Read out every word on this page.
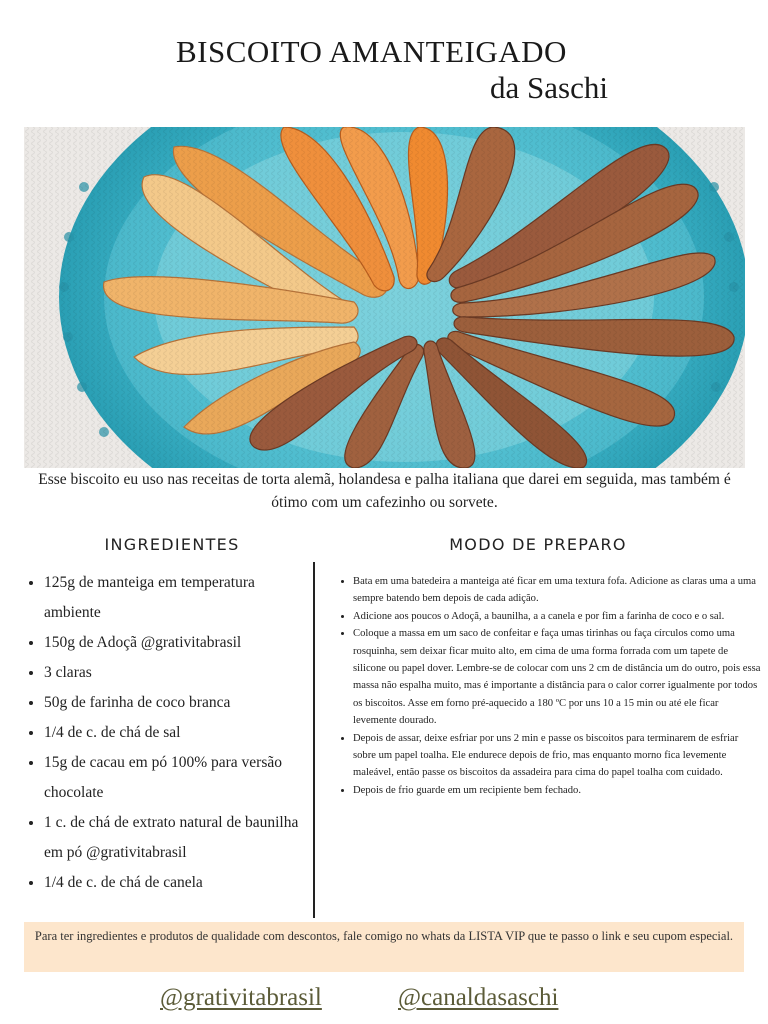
BISCOITO AMANTEIGADO
da Saschi
Esse biscoito eu uso nas receitas de torta alemã, holandesa e palha italiana que darei em seguida, mas também é ótimo com um cafezinho ou sorvete.
INGREDIENTES	MODO DE PREPARO
• 125g de manteiga em temperatura ambiente
• 150g de Adoçã @grativitabrasil
• 3 claras
• 50g de farinha de coco branca
• 1/4 de c. de chá de sal
• 15g de cacau em pó 100% para versão chocolate
• 1 c. de chá de extrato natural de baunilha em pó @grativitabrasil
• 1/4 de c. de chá de canela
• Bata em uma batedeira a manteiga até ficar em uma textura fofa. Adicione as claras uma a uma sempre batendo bem depois de cada adição.
• Adicione aos poucos o Adoçã, a baunilha, a a canela e por fim a farinha de coco e o sal.
• Coloque a massa em um saco de confeitar e faça umas tirinhas ou faça círculos como uma rosquinha, sem deixar ficar muito alto, em cima de uma forma forrada com um tapete de silicone ou papel dover. Lembre-se de colocar com uns 2 cm de distância um do outro, pois essa massa não espalha muito, mas é importante a distância para o calor correr igualmente por todos os biscoitos. Asse em forno pré-aquecido a 180 ºC por uns 10 a 15 min ou até ele ficar levemente dourado.
• Depois de assar, deixe esfriar por uns 2 min e passe os biscoitos para terminarem de esfriar sobre um papel toalha. Ele endurece depois de frio, mas enquanto morno fica levemente maleável, então passe os biscoitos da assadeira para cima do papel toalha com cuidado.
• Depois de frio guarde em um recipiente bem fechado.
Para ter ingredientes e produtos de qualidade com descontos, fale comigo no whats da LISTA VIP que te passo o link e seu cupom especial.
@grativitabrasil	@canaldasaschi
